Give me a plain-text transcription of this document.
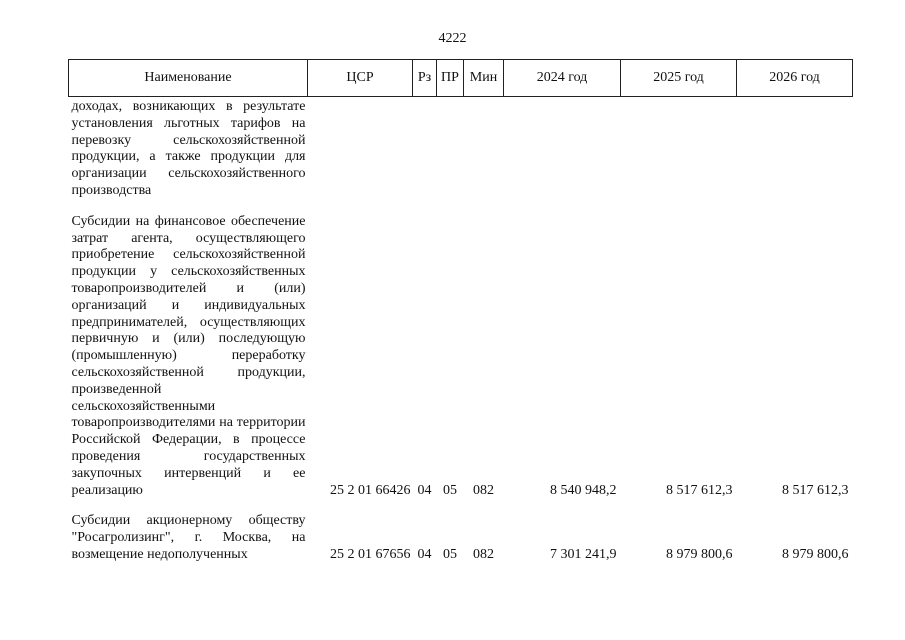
4222
Наименование	ЦСР	Рз	ПР	Мин	2024 год	2025 год	2026 год

доходах, возникающих в результате установления льготных тарифов на перевозку сельскохозяйственной продукции, а также продукции для организации сельскохозяйственного производства							

Субсидии на финансовое обеспечение затрат агента, осуществляющего приобретение сельскохозяйственной продукции у сельскохозяйственных товаропроизводителей и (или) организаций и индивидуальных предпринимателей, осуществляющих первичную и (или) последующую (промышленную) переработку сельскохозяйственной продукции, произведенной сельскохозяйственными товаропроизводителями на территории Российской Федерации, в процессе проведения государственных закупочных интервенций и ее реализацию	25 2 01 66426	04	05	082	8 540 948,2	8 517 612,3	8 517 612,3

Субсидии акционерному обществу "Росагролизинг", г. Москва, на возмещение недополученных	25 2 01 67656	04	05	082	7 301 241,9	8 979 800,6	8 979 800,6
